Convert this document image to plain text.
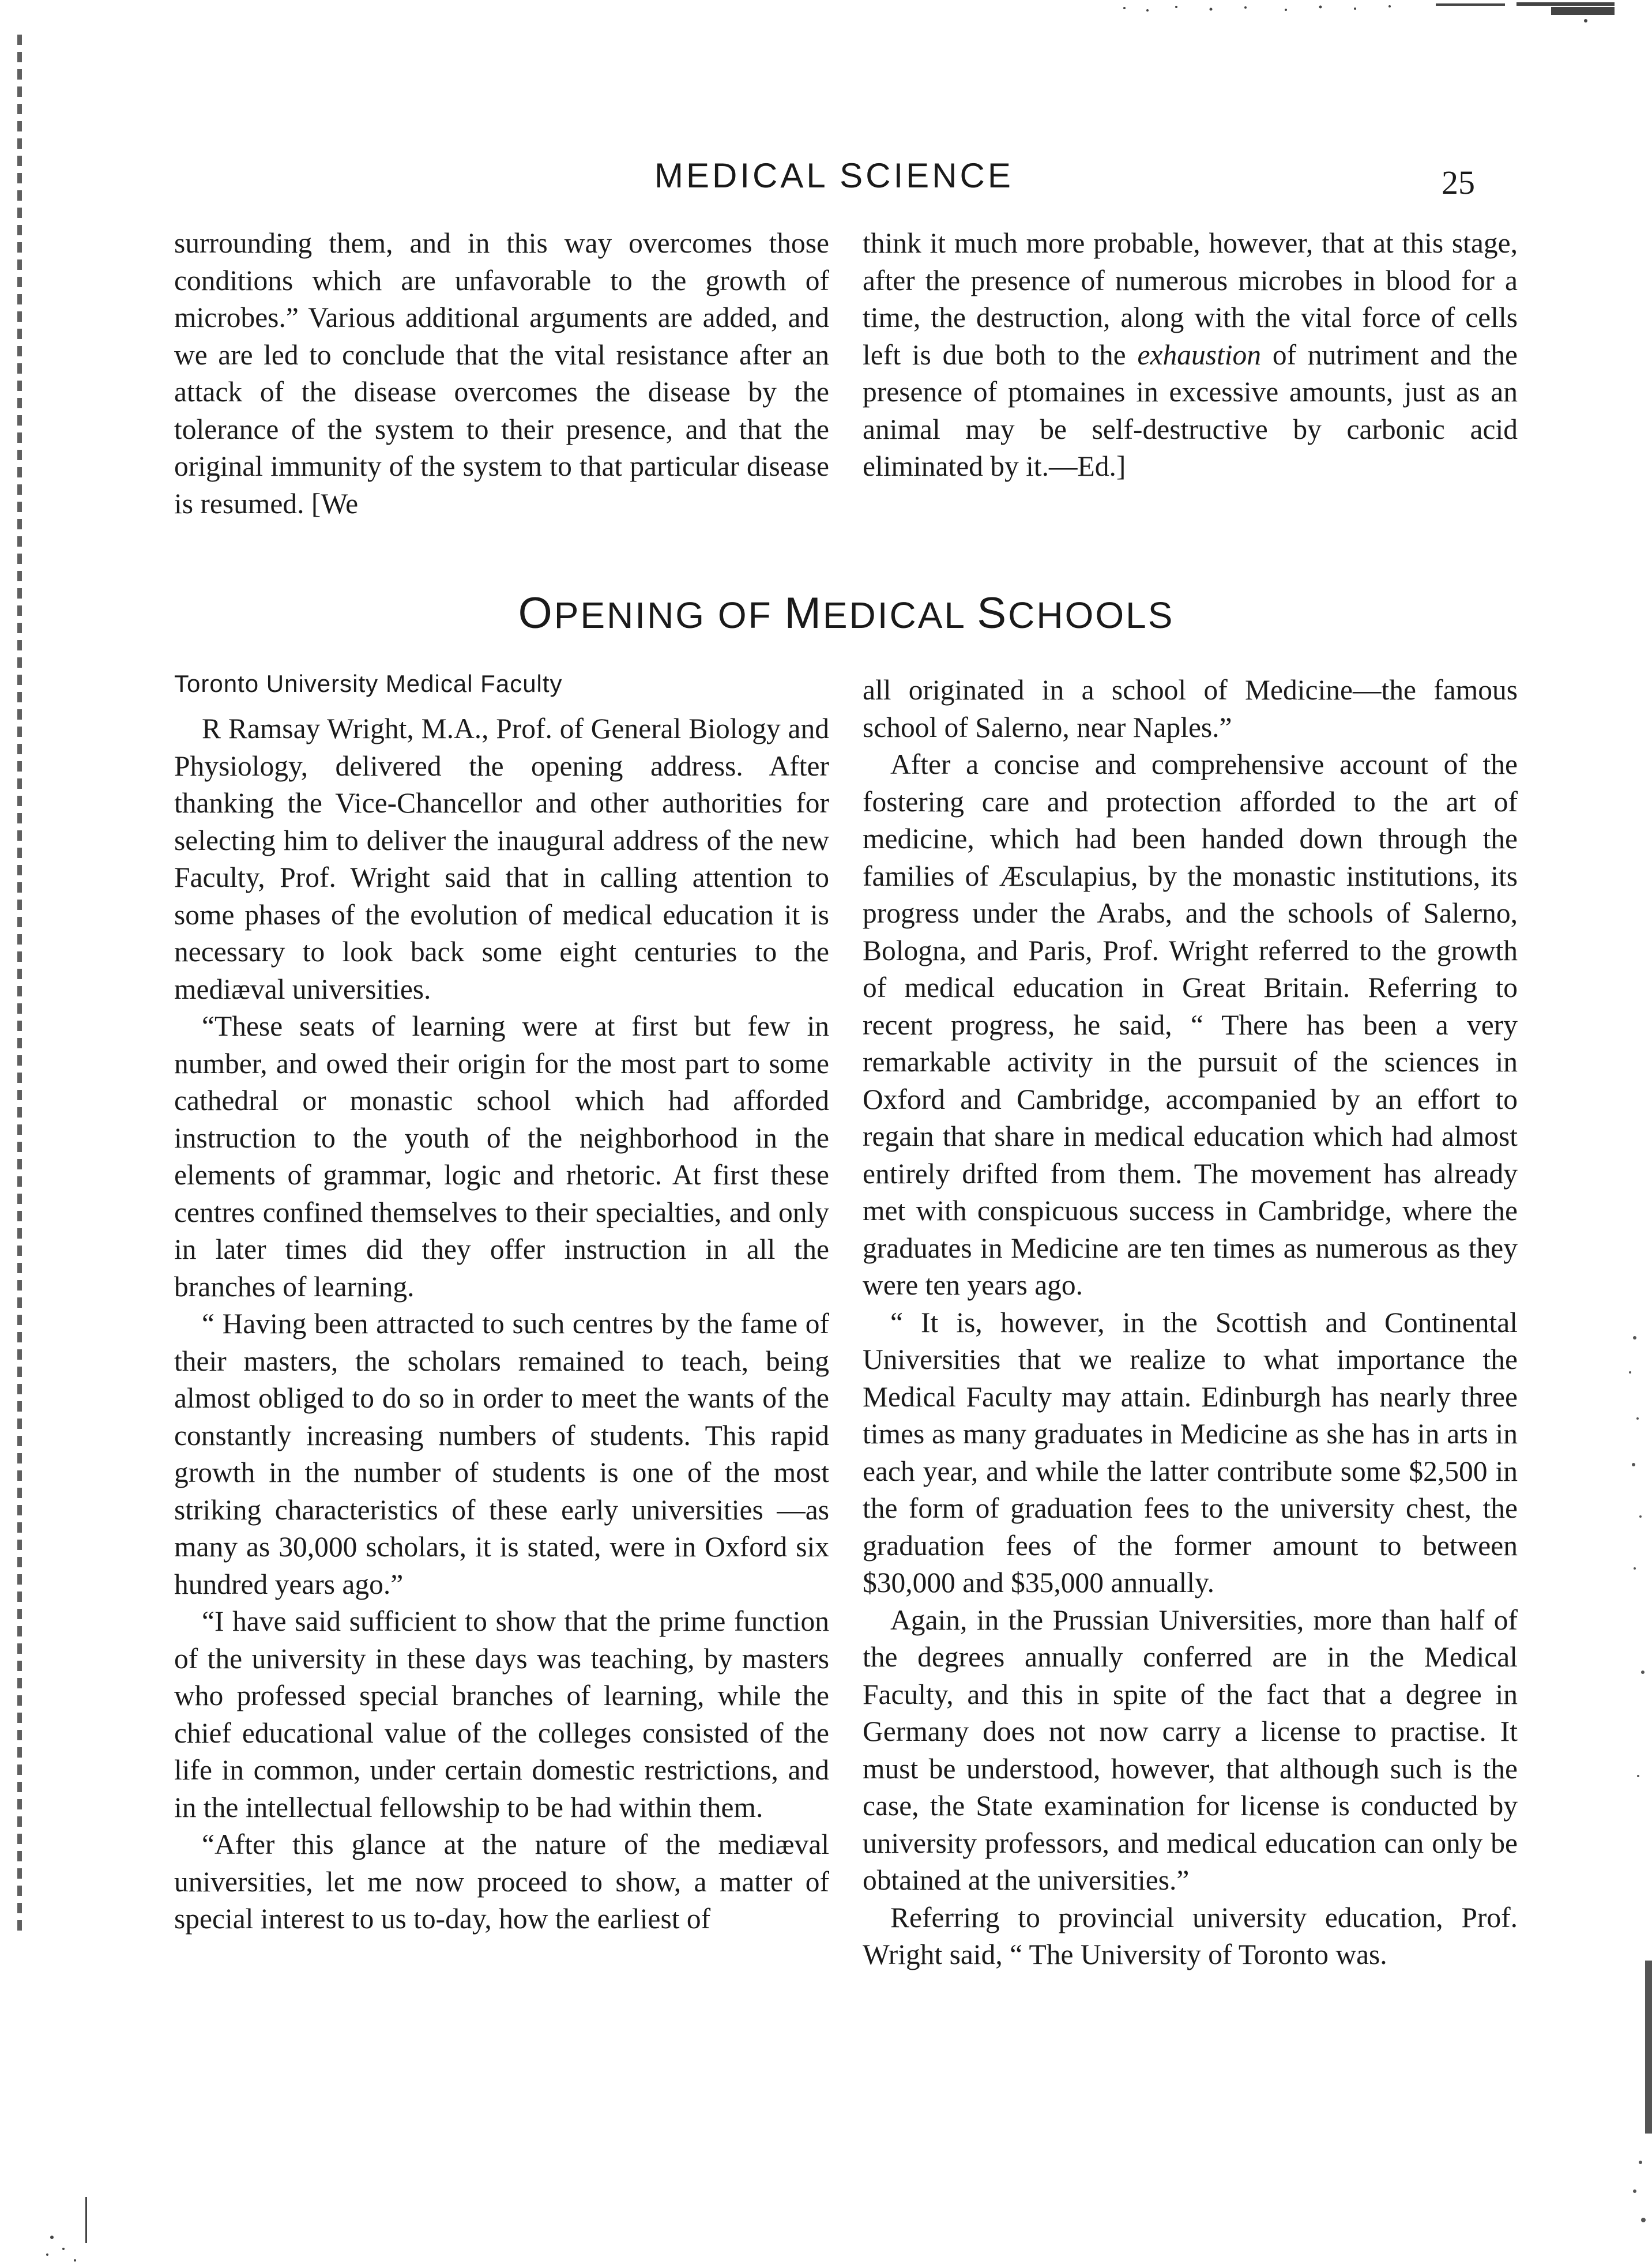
MEDICAL SCIENCE	25

surrounding them, and in this way overcomes those conditions which are unfavorable to the growth of microbes.” Various additional arguments are added, and we are led to conclude that the vital resistance after an attack of the disease overcomes the disease by the tolerance of the system to their presence, and that the original immunity of the system to that particular disease is resumed. [We

think it much more probable, however, that at this stage, after the presence of numerous microbes in blood for a time, the destruction, along with the vital force of cells left is due both to the exhaustion of nutriment and the presence of ptomaines in excessive amounts, just as an animal may be self-destructive by carbonic acid eliminated by it.—Ed.]

OPENING OF MEDICAL SCHOOLS
Toronto University Medical Faculty

R Ramsay Wright, M.A., Prof. of General Biology and Physiology, delivered the opening address. After thanking the Vice-Chancellor and other authorities for selecting him to deliver the inaugural address of the new Faculty, Prof. Wright said that in calling attention to some phases of the evolution of medical education it is necessary to look back some eight centuries to the mediæval universities.

“These seats of learning were at first but few in number, and owed their origin for the most part to some cathedral or monastic school which had afforded instruction to the youth of the neighborhood in the elements of grammar, logic and rhetoric. At first these centres confined themselves to their specialties, and only in later times did they offer instruction in all the branches of learning.

“ Having been attracted to such centres by the fame of their masters, the scholars remained to teach, being almost obliged to do so in order to meet the wants of the constantly increasing numbers of students. This rapid growth in the number of students is one of the most striking characteristics of these early universities —as many as 30,000 scholars, it is stated, were in Oxford six hundred years ago.”

“I have said sufficient to show that the prime function of the university in these days was teaching, by masters who professed special branches of learning, while the chief educational value of the colleges consisted of the life in common, under certain domestic restrictions, and in the intellectual fellowship to be had within them.

“After this glance at the nature of the mediæval universities, let me now proceed to show, a matter of special interest to us to-day, how the earliest of

all originated in a school of Medicine—the famous school of Salerno, near Naples.”

After a concise and comprehensive account of the fostering care and protection afforded to the art of medicine, which had been handed down through the families of Æsculapius, by the monastic institutions, its progress under the Arabs, and the schools of Salerno, Bologna, and Paris, Prof. Wright referred to the growth of medical education in Great Britain. Referring to recent progress, he said, “ There has been a very remarkable activity in the pursuit of the sciences in Oxford and Cambridge, accompanied by an effort to regain that share in medical education which had almost entirely drifted from them. The movement has already met with conspicuous success in Cambridge, where the graduates in Medicine are ten times as numerous as they were ten years ago.

“ It is, however, in the Scottish and Continental Universities that we realize to what importance the Medical Faculty may attain. Edinburgh has nearly three times as many graduates in Medicine as she has in arts in each year, and while the latter contribute some $2,500 in the form of graduation fees to the university chest, the graduation fees of the former amount to between $30,000 and $35,000 annually.

Again, in the Prussian Universities, more than half of the degrees annually conferred are in the Medical Faculty, and this in spite of the fact that a degree in Germany does not now carry a license to practise. It must be understood, however, that although such is the case, the State examination for license is conducted by university professors, and medical education can only be obtained at the universities.”

Referring to provincial university education, Prof. Wright said, “ The University of Toronto was.
